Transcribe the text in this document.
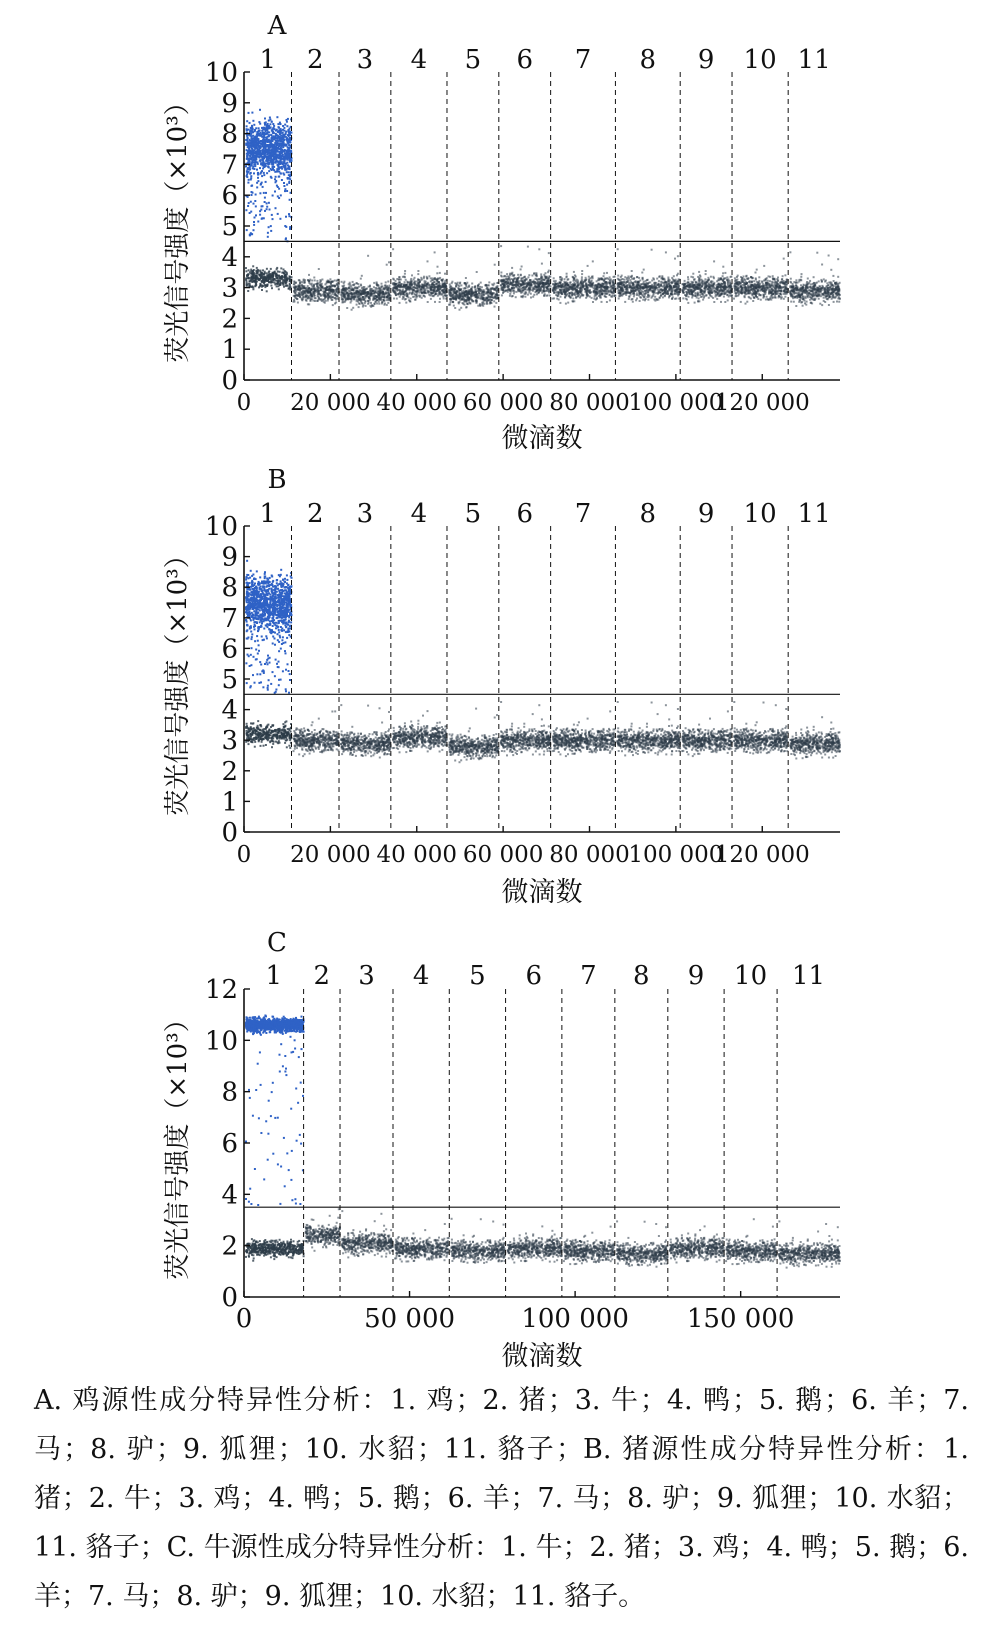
A
1 2 3 4 5 6 7 8 9 10 11
0
1
2
3
4
5
6
7
8
9
10
0 20 000 40 000 60 000 80 000
100 000
120 000
微滴数
荧光信号强度（×10³）
B
1 2 3 4 5 6 7 8 9 10 11
0
1
2
3
4
5
6
7
8
9
10
0 20 000 40 000 60 000 80 000
100 000
120 000
微滴数
荧光信号强度（×10³）
C
1 2 3 4 5 6 7 8 9 10 11
0
2
4
6
8
10
12
0	50 000	100 000 150 000
微滴数
荧光信号强度（×10³）
A. 鸡源性成分特异性分析：1. 鸡；2. 猪；3. 牛；4. 鸭；5. 鹅；6. 羊；7. 马；8. 驴；9. 狐狸；10. 水貂；11. 貉子；B. 猪源性成分特异性分析：1. 猪；2. 牛；3. 鸡；4. 鸭；5. 鹅；6. 羊；7. 马；8. 驴；9. 狐狸；10. 水貂；11. 貉子；C. 牛源性成分特异性分析：1. 牛；2. 猪；3. 鸡；4. 鸭；5. 鹅；6. 羊；7. 马；8. 驴；9. 狐狸；10. 水貂；11. 貉子。
